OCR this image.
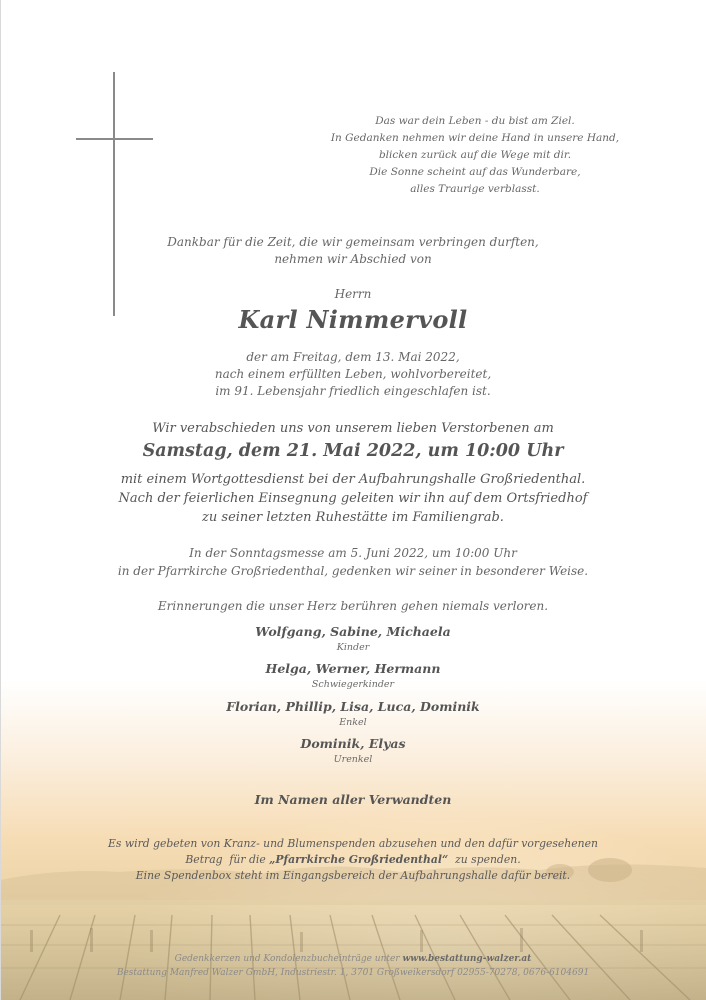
Das war dein Leben - du bist am Ziel.
In Gedanken nehmen wir deine Hand in unsere Hand,
blicken zurück auf die Wege mit dir.
Die Sonne scheint auf das Wunderbare,
alles Traurige verblasst.
Dankbar für die Zeit, die wir gemeinsam verbringen durften,
nehmen wir Abschied von
Herrn
Karl Nimmervoll
der am Freitag, dem 13. Mai 2022,
nach einem erfüllten Leben, wohlvorbereitet,
im 91. Lebensjahr friedlich eingeschlafen ist.
Wir verabschieden uns von unserem lieben Verstorbenen am
Samstag, dem 21. Mai 2022, um 10:00 Uhr
mit einem Wortgottesdienst bei der Aufbahrungshalle Großriedenthal.
Nach der feierlichen Einsegnung geleiten wir ihn auf dem Ortsfriedhof
zu seiner letzten Ruhestätte im Familiengrab.
In der Sonntagsmesse am 5. Juni 2022, um 10:00 Uhr
in der Pfarrkirche Großriedenthal, gedenken wir seiner in besonderer Weise.
Erinnerungen die unser Herz berühren gehen niemals verloren.
Wolfgang, Sabine, Michaela
Kinder
Helga, Werner, Hermann
Schwiegerkinder
Florian, Phillip, Lisa, Luca, Dominik
Enkel
Dominik, Elyas
Urenkel
Im Namen aller Verwandten
Es wird gebeten von Kranz- und Blumenspenden abzusehen und den dafür vorgesehenen
Betrag  für die „Pfarrkirche Großriedenthal“  zu spenden.
Eine Spendenbox steht im Eingangsbereich der Aufbahrungshalle dafür bereit.
Gedenkkerzen und Kondolenzbucheinträge unter www.bestattung-walzer.at
Bestattung Manfred Walzer GmbH, Industriestr. 1, 3701 Großweikersdorf 02955-70278, 0676-6104691
